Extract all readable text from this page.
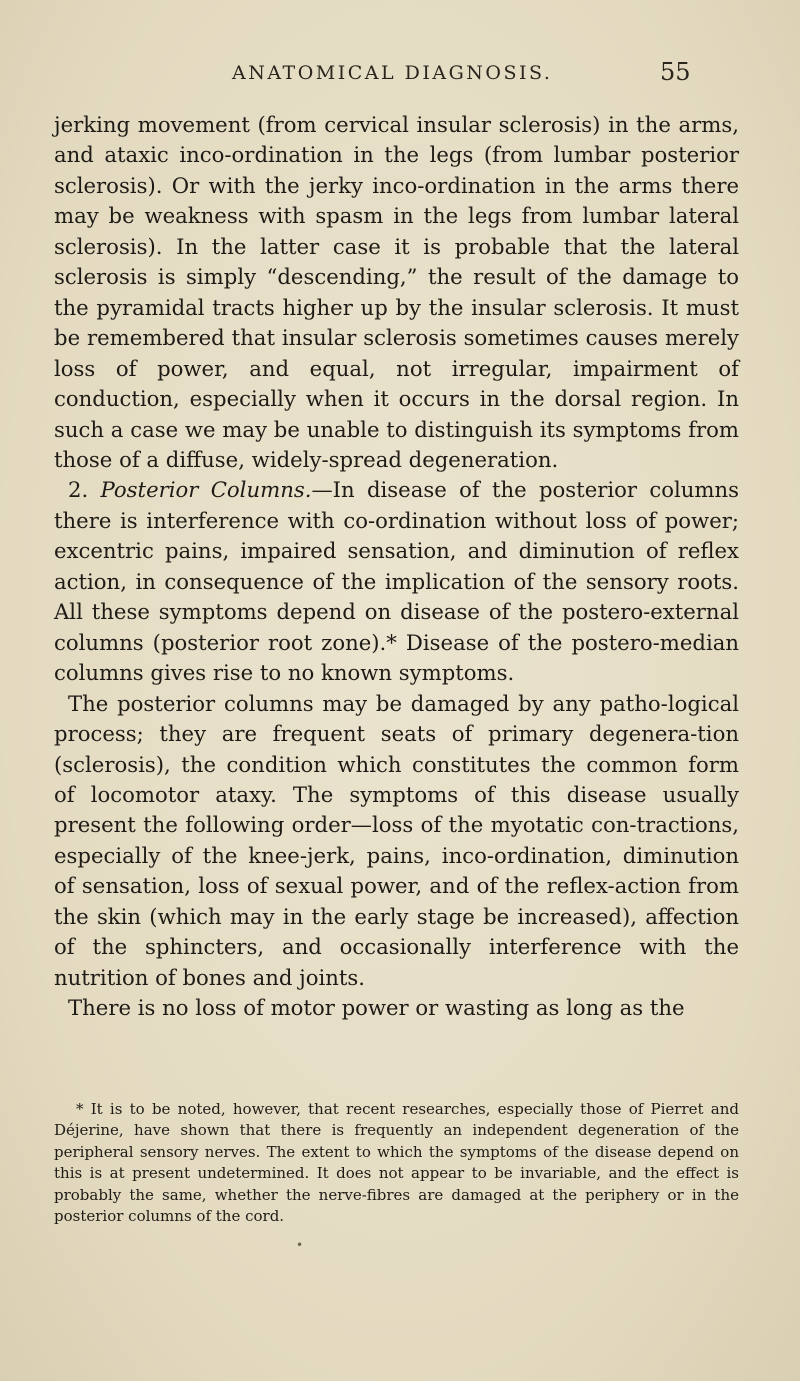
ANATOMICAL DIAGNOSIS.	55

jerking movement (from cervical insular sclerosis) in the arms, and ataxic inco-ordination in the legs (from lumbar posterior sclerosis). Or with the jerky inco-ordination in the arms there may be weakness with spasm in the legs from lumbar lateral sclerosis). In the latter case it is probable that the lateral sclerosis is simply “descending,” the result of the damage to the pyramidal tracts higher up by the insular sclerosis. It must be remembered that insular sclerosis sometimes causes merely loss of power, and equal, not irregular, impairment of conduction, especially when it occurs in the dorsal region. In such a case we may be unable to distinguish its symptoms from those of a diffuse, widely-spread degeneration.

2. Posterior Columns.—In disease of the posterior columns there is interference with co-ordination without loss of power; excentric pains, impaired sensation, and diminution of reflex action, in consequence of the implication of the sensory roots. All these symptoms depend on disease of the postero-external columns (posterior root zone).* Disease of the postero-median columns gives rise to no known symptoms.

The posterior columns may be damaged by any patho-logical process; they are frequent seats of primary degenera-tion (sclerosis), the condition which constitutes the common form of locomotor ataxy. The symptoms of this disease usually present the following order—loss of the myotatic con-tractions, especially of the knee-jerk, pains, inco-ordination, diminution of sensation, loss of sexual power, and of the reflex-action from the skin (which may in the early stage be increased), affection of the sphincters, and occasionally interference with the nutrition of bones and joints.

There is no loss of motor power or wasting as long as the

* It is to be noted, however, that recent researches, especially those of Pierret and Déjerine, have shown that there is frequently an independent degeneration of the peripheral sensory nerves. The extent to which the symptoms of the disease depend on this is at present undetermined. It does not appear to be invariable, and the effect is probably the same, whether the nerve-fibres are damaged at the periphery or in the posterior columns of the cord.

•
